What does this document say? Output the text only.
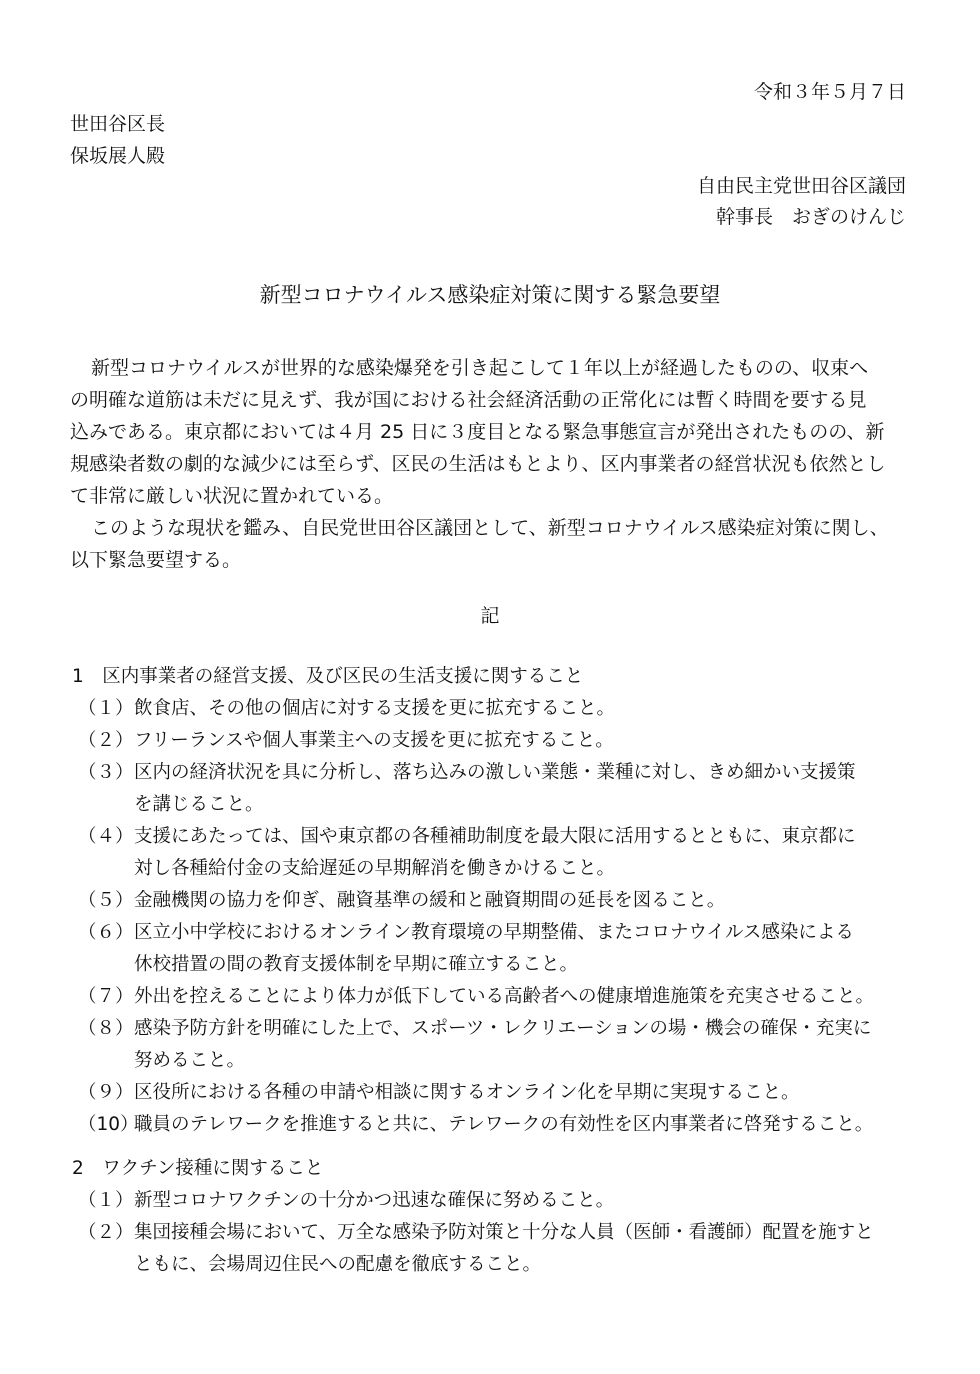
令和３年５月７日
世田谷区長
保坂展人殿
自由民主党世田谷区議団
幹事長　おぎのけんじ
新型コロナウイルス感染症対策に関する緊急要望

新型コロナウイルスが世界的な感染爆発を引き起こして１年以上が経過したものの、収束へ

の明確な道筋は未だに見えず、我が国における社会経済活動の正常化には暫く時間を要する見

込みである。東京都においては４月 25 日に３度目となる緊急事態宣言が発出されたものの、新

規感染者数の劇的な減少には至らず、区民の生活はもとより、区内事業者の経営状況も依然とし

て非常に厳しい状況に置かれている。

このような現状を鑑み、自民党世田谷区議団として、新型コロナウイルス感染症対策に関し、

以下緊急要望する。

記
1　区内事業者の経営支援、及び区民の生活支援に関すること
（１） 飲食店、その他の個店に対する支援を更に拡充すること。
（２） フリーランスや個人事業主への支援を更に拡充すること。
（３） 区内の経済状況を具に分析し、落ち込みの激しい業態・業種に対し、きめ細かい支援策
を講じること。
（４） 支援にあたっては、国や東京都の各種補助制度を最大限に活用するとともに、東京都に
対し各種給付金の支給遅延の早期解消を働きかけること。
（５） 金融機関の協力を仰ぎ、融資基準の緩和と融資期間の延長を図ること。
（６） 区立小中学校におけるオンライン教育環境の早期整備、またコロナウイルス感染による
休校措置の間の教育支援体制を早期に確立すること。
（７） 外出を控えることにより体力が低下している高齢者への健康増進施策を充実させること。
（８） 感染予防方針を明確にした上で、スポーツ・レクリエーションの場・機会の確保・充実に
努めること。
（９） 区役所における各種の申請や相談に関するオンライン化を早期に実現すること。
（10）
職員のテレワークを推進すると共に、テレワークの有効性を区内事業者に啓発すること。
2　ワクチン接種に関すること
（１） 新型コロナワクチンの十分かつ迅速な確保に努めること。
（２） 集団接種会場において、万全な感染予防対策と十分な人員（医師・看護師）配置を施すと
ともに、会場周辺住民への配慮を徹底すること。
